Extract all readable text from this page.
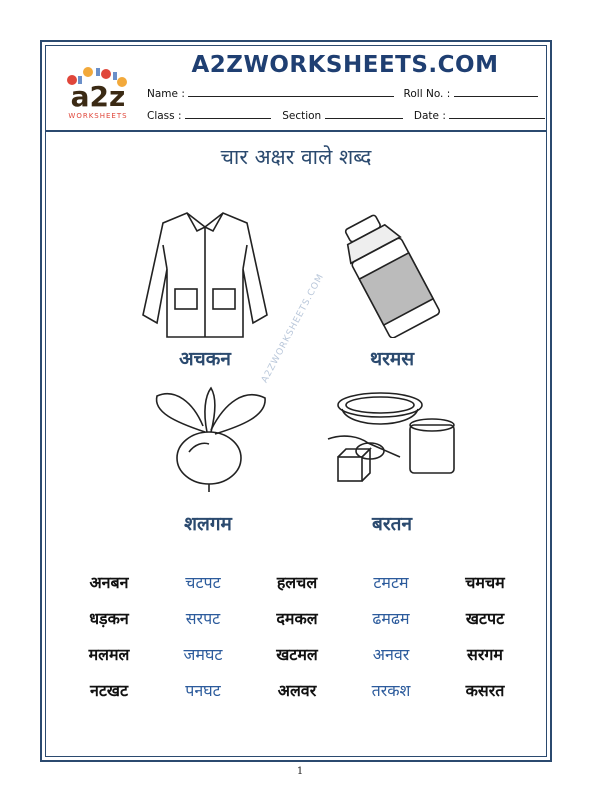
a2z
WORKSHEETS
A2ZWORKSHEETS.COM
Name :	Roll No. :
Class :	Section	Date :
चार अक्षर वाले शब्द
अचकन	थरमस
शलगम	बरतन
A2ZWORKSHEETS.COM
अनबन	चटपट	हलचल	टमटम	चमचम
धड़कन	सरपट	दमकल	ढमढम	खटपट
मलमल	जमघट	खटमल	अनवर	सरगम
नटखट	पनघट	अलवर	तरकश	कसरत
1
